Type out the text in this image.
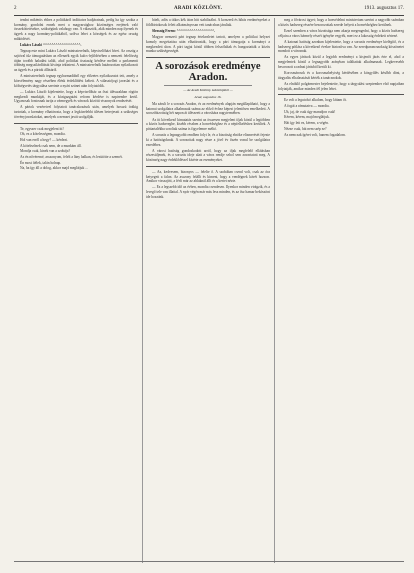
2	ARADI KÖZLÖNY.	1913. augusztus 17.

tendni mikéntis ehhez a politikáról indíttatva hadjáratnak, pedig ha így szokta a kormány, gondolni ennek mert a magyarsághoz közönséges erejének való összeköttetésekre, szükségünk valahogy van. A választók, akik minden nap ilyenek és ügyek a nagy kormány-politikából, szólva lehet a községek és az egész ország működését.

Lukács László ^^^^^^^^^^^^^^^^^^.

Tegnap este mint Lukács László miniszterelnök, képviselőházi hívei. Az ország a sajtóval tűz támogatásban az ellenzék egyik kulcs-fejlődésében a nemzeti felelősség útján tovább haladást talált, ahol politikai tisztaság kérdése mellett a parlamenti többség megszilárdítását kívánja tekinteni. A miniszterelnök határozottan nyilatkozott az ügyek és a pártok állásáról.

A miniszterelnök tegnap egyharmadából egy előzetes nyilatkozatot tett, amely a közvélemény nagy részében élénk érdeklődést keltett. A választójogi javaslat és a költségvetés tárgyalása szerinte a nyári szünet után folytatódik.

— Lukács László kijelentette, hogy a képviselőház az őszi ülésszakban rögtön megkezdi munkáját, és a közigazgatási reform kérdése is napirendre kerül. Ugyancsak fontosnak tartja a vármegyék és városok közötti viszonyok rendezését.

A pártok vezéreivel folytatott tanácskozások után, amelyek hosszú órákig tartottak, a kormány elhatározta, hogy a legközelebbi ülésen beterjeszti a szükséges törvényjavaslatokat, amelyek a nemzet javát szolgálják.

Te, egyszer csak megjelent itt!

Oh, ez a kötelességem, mondta.

Hol van erről a hegy? — kérdezi.

A kötelezőnek csak nem, de a munkám áll.

Mondja csak, kinek van a szobája?

Az én nővéremé, asszonyom, felelt a lány halkan, és lesütötte a szemét.

Én most ítélek, talán holnap.

Na, ha így áll a dolog, akkor majd meglátjuk ...

hitelt, adós a titkos kék úton hitt stabilizálni. A korszerű és hibás eredményeket a földbirtokosok felett alkotmányosan vett tanácsban járultak.

Slezsnig Ferenc ^^^^^^^^^^^^^^^^^^.

Magyar nemzeti párt tegnap értekezletet tartott, amelyen a politikai helyzet komoly megvitatása után elhatározták, hogy a párt támogatja a kormányt a megkezdett úton. A párt tagjai közül többen felszólaltak és hangoztatták a közös munka szükségességét.

A sorozások eredménye
Aradon.
— Az Aradi Közlöny tudósítójától —
Arad, augusztus 16.

Ma zárult le a sorozás Aradon, és az eredmények alapján megállapítható, hogy a katonai szolgálatra alkalmasak száma az előző évhez képest jelentősen emelkedett. A sorozóbizottság hét napon át ülésezett a városháza nagytermében.

Az itt következő kimutatás szerint az összesen megjelent ifjak közül a legtöbben a közös hadseregbe, kisebb részben a honvédséghez és a népfelkeléshez kerültek. A póttartalékba soroltak száma is figyelemre méltó.

A sorozás a legnagyobb rendben folyt le, és a bizottság elnöke elismerését fejezte ki a hatóságoknak. A sorozottak nagy része a jövő év őszén vonul be szolgálatra ezredéhez.

A városi hatóság gondoskodott arról, hogy az ifjak megfelelő ellátásban részesüljenek, és a sorozás ideje alatt a város rendje sehol sem zavartatott meg. A közönség nagy érdeklődéssel kísérte az eseményeket.

— Az, kedvesem, bizonyos — felelte ő. A szobában csend volt, csak az óra ketyegett a falon. Az asszony felállt és kiment, hogy a vendégnek kávét hozzon. Amikor visszajött, a férfi már az ablaknál állt és a kertet nézte.

— Ez a legszebb idő az évben, mondta csendesen. Ilyenkor minden virágzik, és a levegő tele van illattal. A nyár végén már más lesz minden, és az ősz hamar beköszönt ide hozzánk.

meg a fővárosi ügyet; hogy a honvédelmi ministerium szerint a nagyobb számban a közös hadsereg részére besorozottak ezrede helyett a honvédséghez kerülnek.

Ezzel szemben a város bizottsága nem akarja megengedni, hogy a közös hadsereg céljaira a város bármely részét igénybe vegyék, mert ez a lakosság érdekeit sértené.

A katonai hatóság azonban kijelentette, hogy a sorozás eredménye kielégítő, és a hadsereg pótlása a következő évekre biztosítva van. Az ezredparancsnokság köszönetet mondott a városnak.

Az egyes járások közül a legjobb eredményt a kisjenői járás érte el, ahol a megjelentek közül a legnagyobb arányban találtattak alkalmasnak. Legkevesebb besorozott a radnai járásból került ki.

Korcsmárosok és a korcsmahelyiség kérdésében a közgyűlés később dönt, a tárgyalás elhalasztását kérték a tanácsnokok.

Az elnöklő polgármester bejelentette, hogy a tárgyalást szeptember első napjaiban folytatják, amikor minden fél jelen lehet.

Ez volt a legutolsó alkalom, hogy láttam őt.

A fogát a rámutatva — mondta.

Uh, jaj, de csak úgy maradjon csak!

Kérem, kérem, majd meglátjuk.

Hát így lett ez, kérem, a végén.

Nézze csak, hát nem szép ez?

Az nemcsak ígéret volt, hanem fogadalom.
